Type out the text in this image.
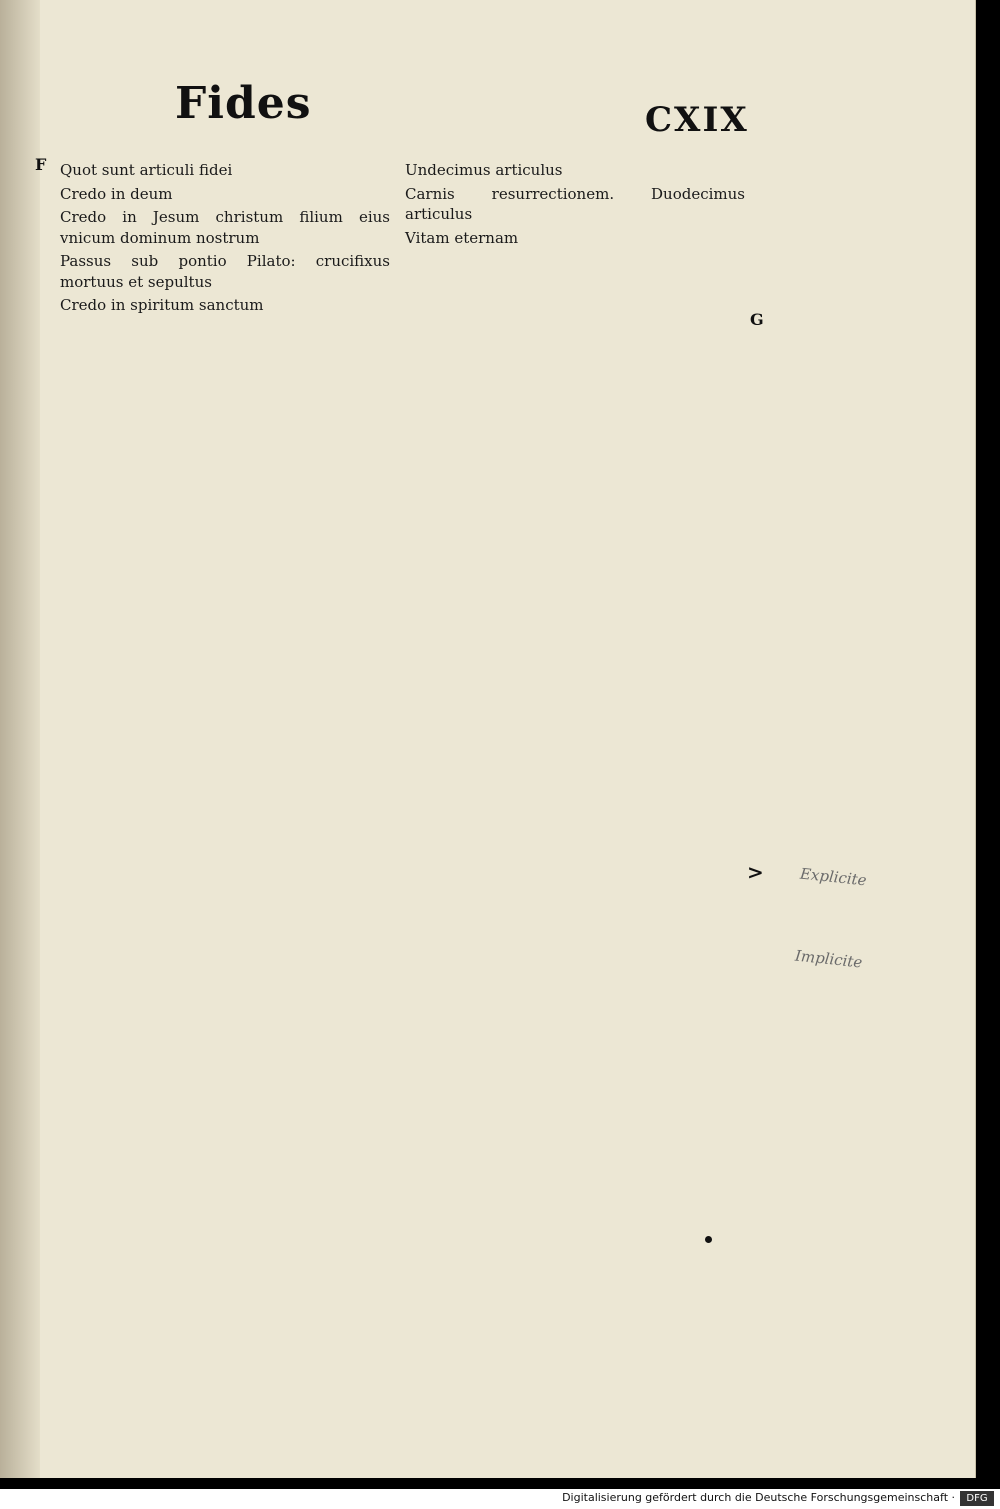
Fides	CXIX
F
G
> Explicite
Implicite

Quot sunt articuli fidei

Credo in deum

Credo in Jesum christum filium eius vnicum dominum nostrum

Passus sub pontio Pilato: crucifixus mortuus et sepultus

Credo in spiritum sanctum

Undecimus articulus

Carnis resurrectionem. Duodecimus articulus

Vitam eternam

Digitalisierung gefördert durch die Deutsche Forschungsgemeinschaft ·	DFG
